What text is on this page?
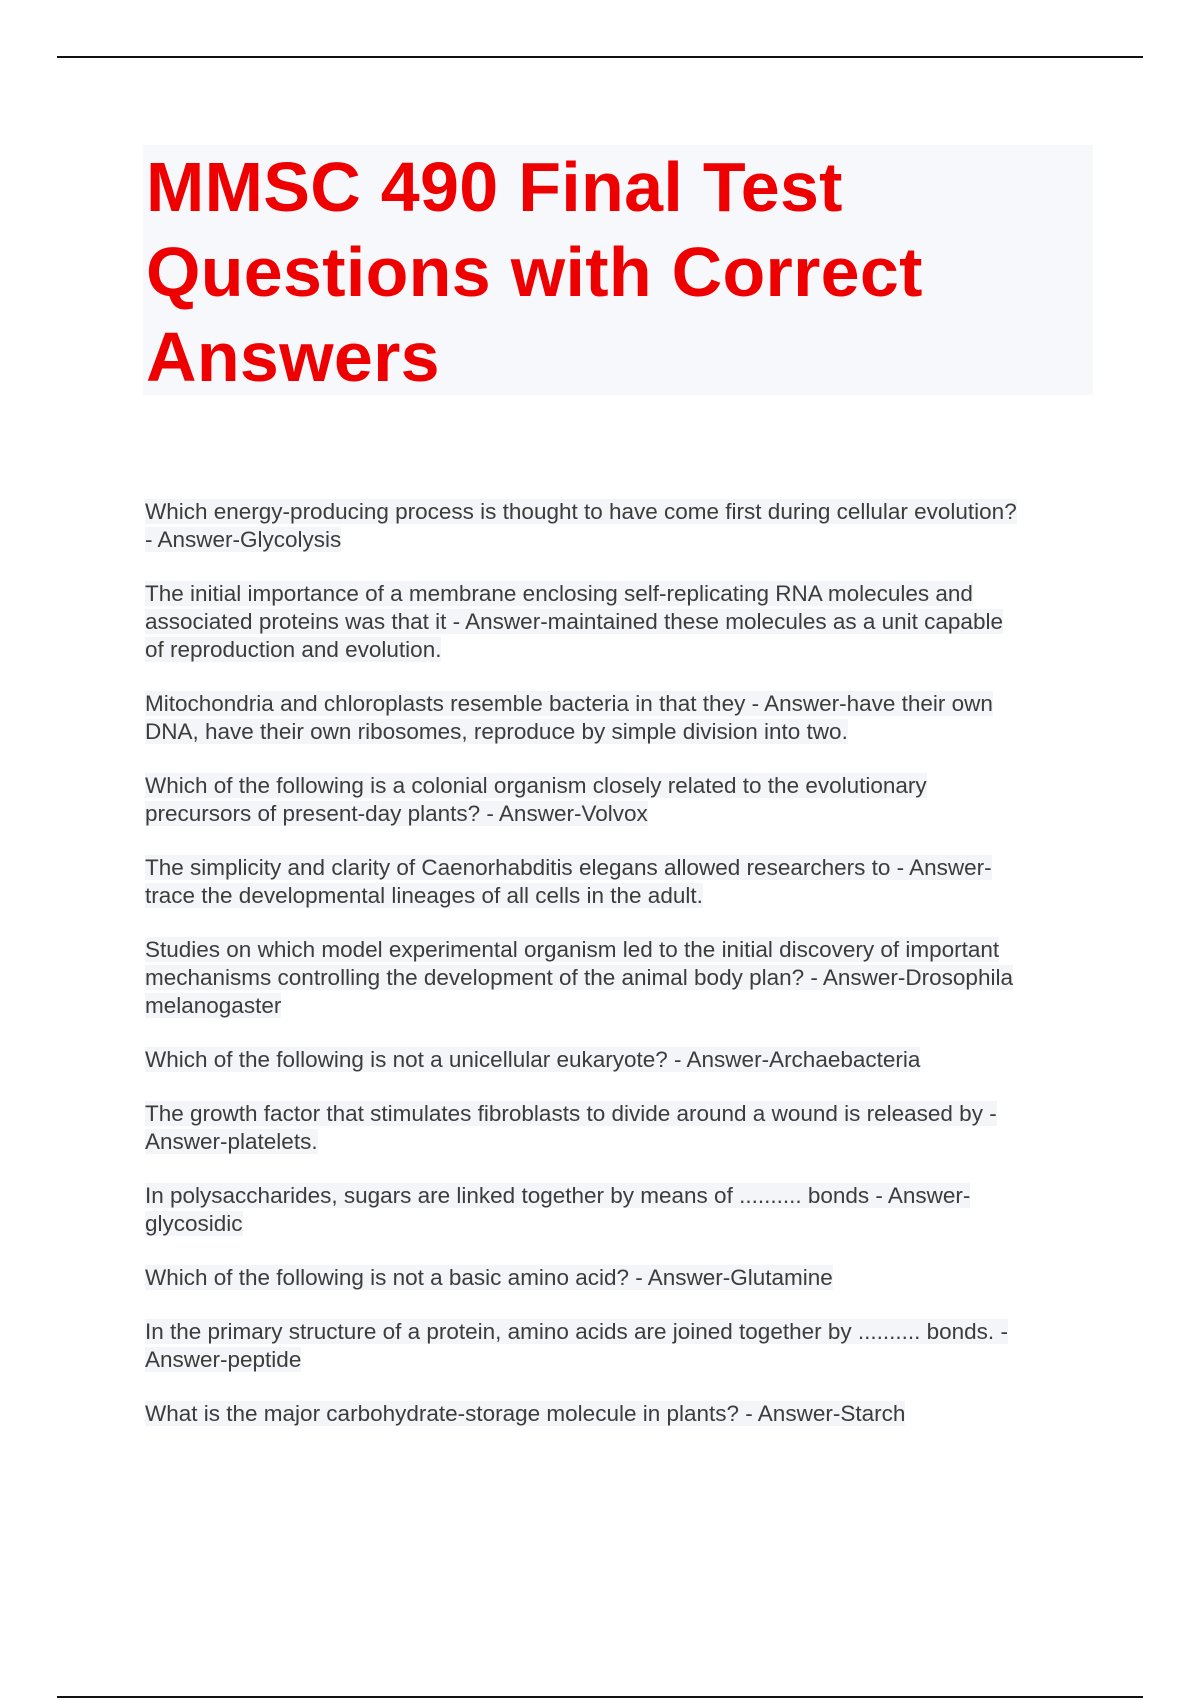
MMSC 490 Final Test
Questions with Correct
Answers
Which energy-producing process is thought to have come first during cellular evolution?
- Answer-Glycolysis
The initial importance of a membrane enclosing self-replicating RNA molecules and
associated proteins was that it - Answer-maintained these molecules as a unit capable
of reproduction and evolution.
Mitochondria and chloroplasts resemble bacteria in that they - Answer-have their own
DNA, have their own ribosomes, reproduce by simple division into two.
Which of the following is a colonial organism closely related to the evolutionary
precursors of present-day plants? - Answer-Volvox
The simplicity and clarity of Caenorhabditis elegans allowed researchers to - Answer-
trace the developmental lineages of all cells in the adult.
Studies on which model experimental organism led to the initial discovery of important
mechanisms controlling the development of the animal body plan? - Answer-Drosophila
melanogaster
Which of the following is not a unicellular eukaryote? - Answer-Archaebacteria
The growth factor that stimulates fibroblasts to divide around a wound is released by -
Answer-platelets.
In polysaccharides, sugars are linked together by means of .......... bonds - Answer-
glycosidic
Which of the following is not a basic amino acid? - Answer-Glutamine
In the primary structure of a protein, amino acids are joined together by .......... bonds. -
Answer-peptide
What is the major carbohydrate-storage molecule in plants? - Answer-Starch
